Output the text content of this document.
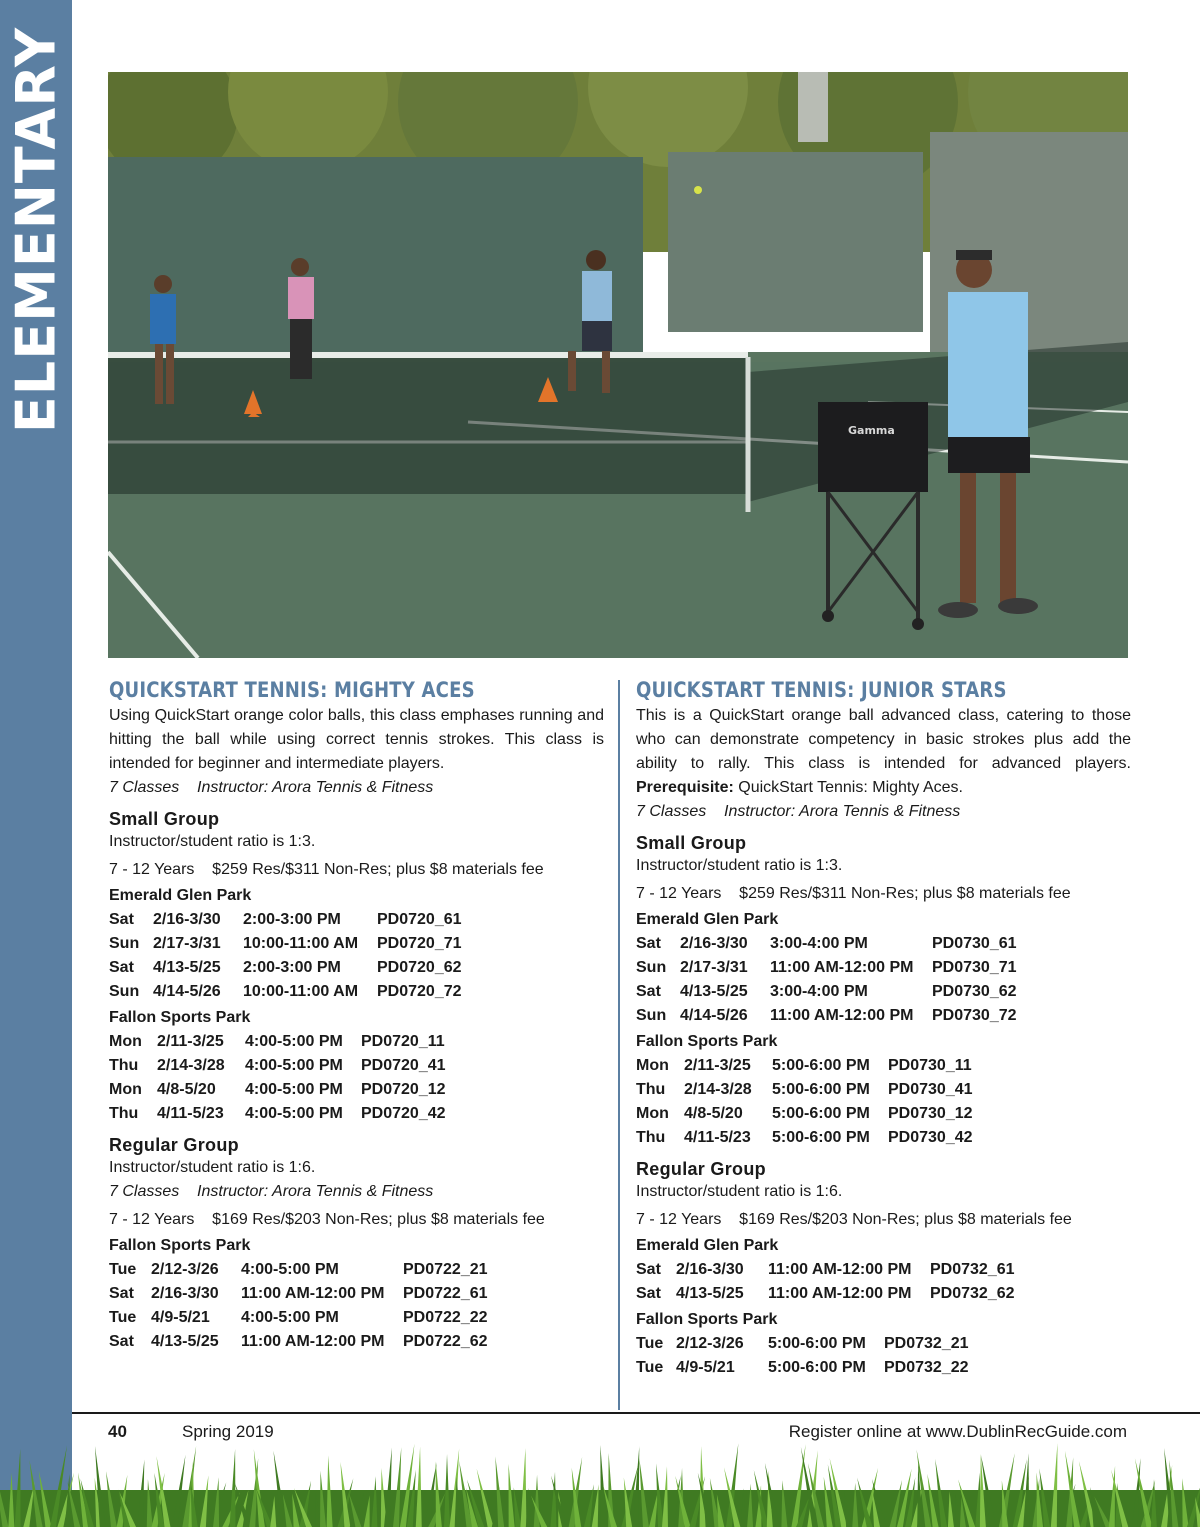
ELEMENTARY	Gamma
QUICKSTART TENNIS: MIGHTY ACES
Using QuickStart orange color balls, this class emphases running and hitting the ball while using correct tennis strokes. This class is intended for beginner and intermediate players.
7 Classes    Instructor: Arora Tennis & Fitness
Small Group
Instructor/student ratio is 1:3.
7 - 12 Years    $259 Res/$311 Non-Res; plus $8 materials fee
Emerald Glen Park
Sat	2/16-3/30	2:00-3:00 PM	PD0720_61
Sun	2/17-3/31	10:00-11:00 AM	PD0720_71
Sat	4/13-5/25	2:00-3:00 PM	PD0720_62
Sun	4/14-5/26	10:00-11:00 AM	PD0720_72
Fallon Sports Park
Mon	2/11-3/25	4:00-5:00 PM	PD0720_11
Thu	2/14-3/28	4:00-5:00 PM	PD0720_41
Mon	4/8-5/20	4:00-5:00 PM	PD0720_12
Thu	4/11-5/23	4:00-5:00 PM	PD0720_42
Regular Group
Instructor/student ratio is 1:6.
7 Classes    Instructor: Arora Tennis & Fitness
7 - 12 Years    $169 Res/$203 Non-Res; plus $8 materials fee
Fallon Sports Park
Tue	2/12-3/26	4:00-5:00 PM	PD0722_21
Sat	2/16-3/30	11:00 AM-12:00 PM	PD0722_61
Tue	4/9-5/21	4:00-5:00 PM	PD0722_22
Sat	4/13-5/25	11:00 AM-12:00 PM	PD0722_62
QUICKSTART TENNIS: JUNIOR STARS
This is a QuickStart orange ball advanced class, catering to those who can demonstrate competency in basic strokes plus add the ability to rally. This class is intended for advanced players. Prerequisite: QuickStart Tennis: Mighty Aces.
7 Classes    Instructor: Arora Tennis & Fitness
Small Group
Instructor/student ratio is 1:3.
7 - 12 Years    $259 Res/$311 Non-Res; plus $8 materials fee
Emerald Glen Park
Sat	2/16-3/30	3:00-4:00 PM	PD0730_61
Sun	2/17-3/31	11:00 AM-12:00 PM	PD0730_71
Sat	4/13-5/25	3:00-4:00 PM	PD0730_62
Sun	4/14-5/26	11:00 AM-12:00 PM	PD0730_72
Fallon Sports Park
Mon	2/11-3/25	5:00-6:00 PM	PD0730_11
Thu	2/14-3/28	5:00-6:00 PM	PD0730_41
Mon	4/8-5/20	5:00-6:00 PM	PD0730_12
Thu	4/11-5/23	5:00-6:00 PM	PD0730_42
Regular Group
Instructor/student ratio is 1:6.
7 - 12 Years    $169 Res/$203 Non-Res; plus $8 materials fee
Emerald Glen Park
Sat	2/16-3/30	11:00 AM-12:00 PM	PD0732_61
Sat	4/13-5/25	11:00 AM-12:00 PM	PD0732_62
Fallon Sports Park
Tue	2/12-3/26	5:00-6:00 PM	PD0732_21
Tue	4/9-5/21	5:00-6:00 PM	PD0732_22
40	Spring 2019	Register online at www.DublinRecGuide.com
